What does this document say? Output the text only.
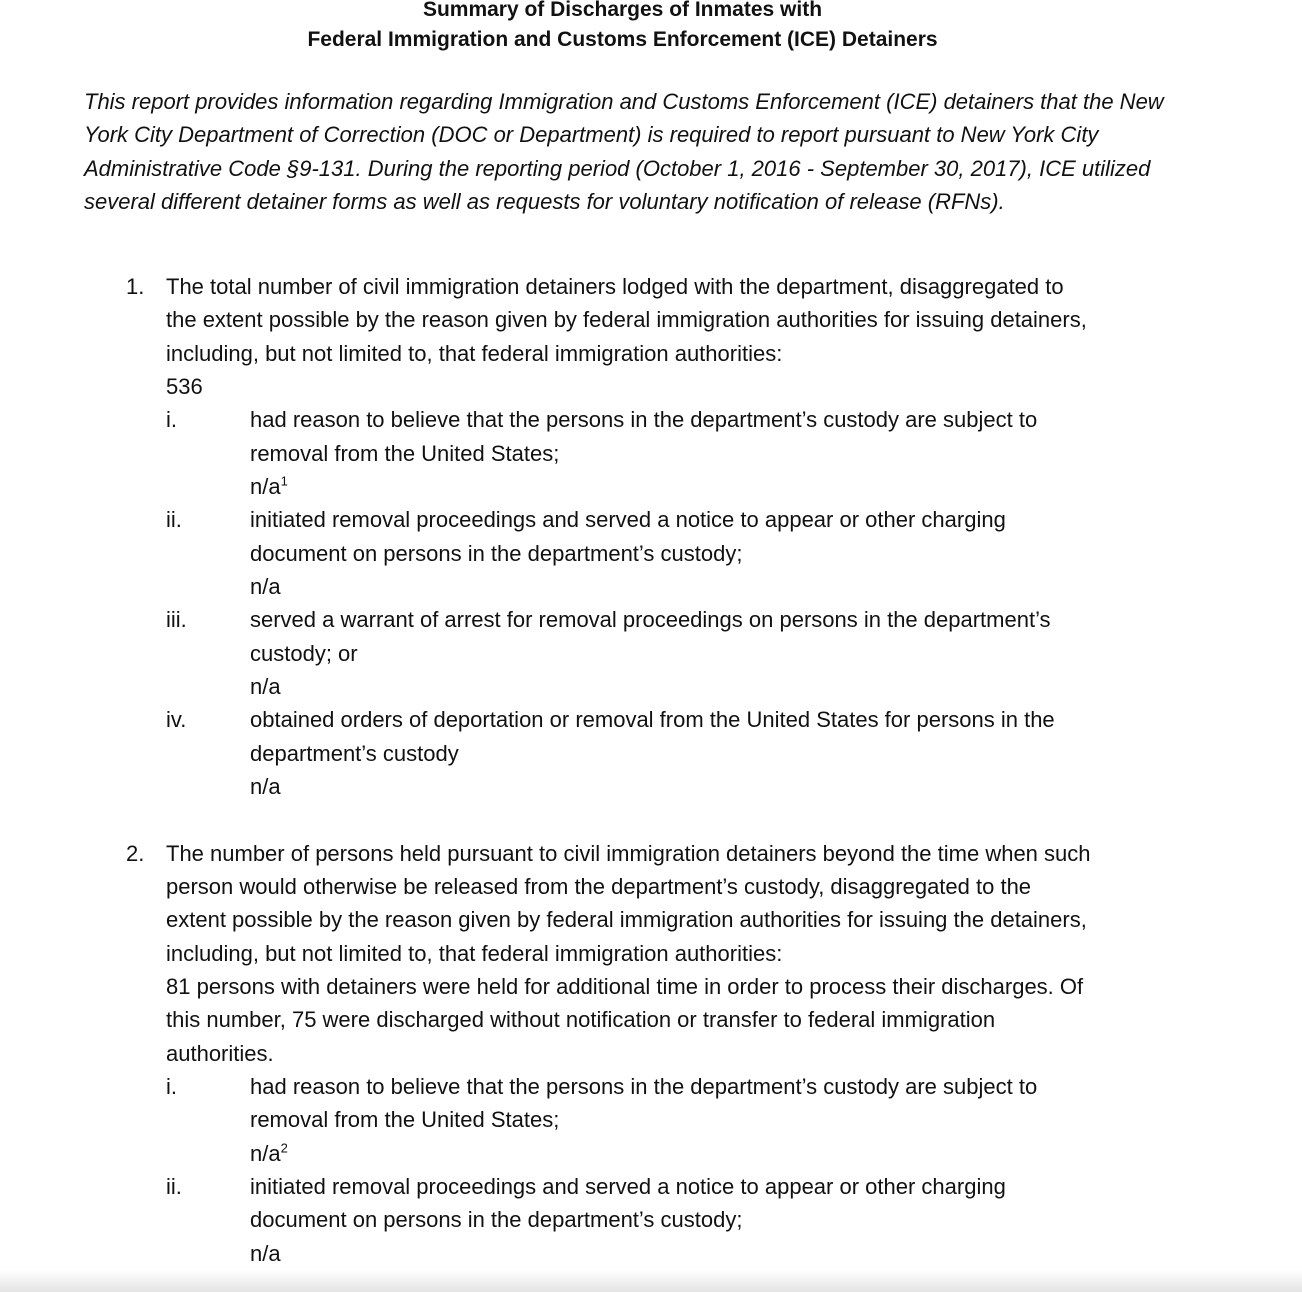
Summary of Discharges of Inmates with
Federal Immigration and Customs Enforcement (ICE) Detainers

This report provides information regarding Immigration and Customs Enforcement (ICE) detainers that the New York City Department of Correction (DOC or Department) is required to report pursuant to New York City Administrative Code §9-131. During the reporting period (October 1, 2016 - September 30, 2017), ICE utilized several different detainer forms as well as requests for voluntary notification of release (RFNs).

1. The total number of civil immigration detainers lodged with the department, disaggregated to
the extent possible by the reason given by federal immigration authorities for issuing detainers,
including, but not limited to, that federal immigration authorities:
536
i.	had reason to believe that the persons in the department’s custody are subject to
removal from the United States;
$n/a^1$
ii.	initiated removal proceedings and served a notice to appear or other charging
document on persons in the department’s custody;
n/a
iii.	served a warrant of arrest for removal proceedings on persons in the department’s
custody; or
n/a
iv.	obtained orders of deportation or removal from the United States for persons in the
department’s custody
n/a
2. The number of persons held pursuant to civil immigration detainers beyond the time when such
person would otherwise be released from the department’s custody, disaggregated to the
extent possible by the reason given by federal immigration authorities for issuing the detainers,
including, but not limited to, that federal immigration authorities:
81 persons with detainers were held for additional time in order to process their discharges. Of
this number, 75 were discharged without notification or transfer to federal immigration
authorities.
i.	had reason to believe that the persons in the department’s custody are subject to
removal from the United States;
$n/a^2$
ii.	initiated removal proceedings and served a notice to appear or other charging
document on persons in the department’s custody;
n/a
